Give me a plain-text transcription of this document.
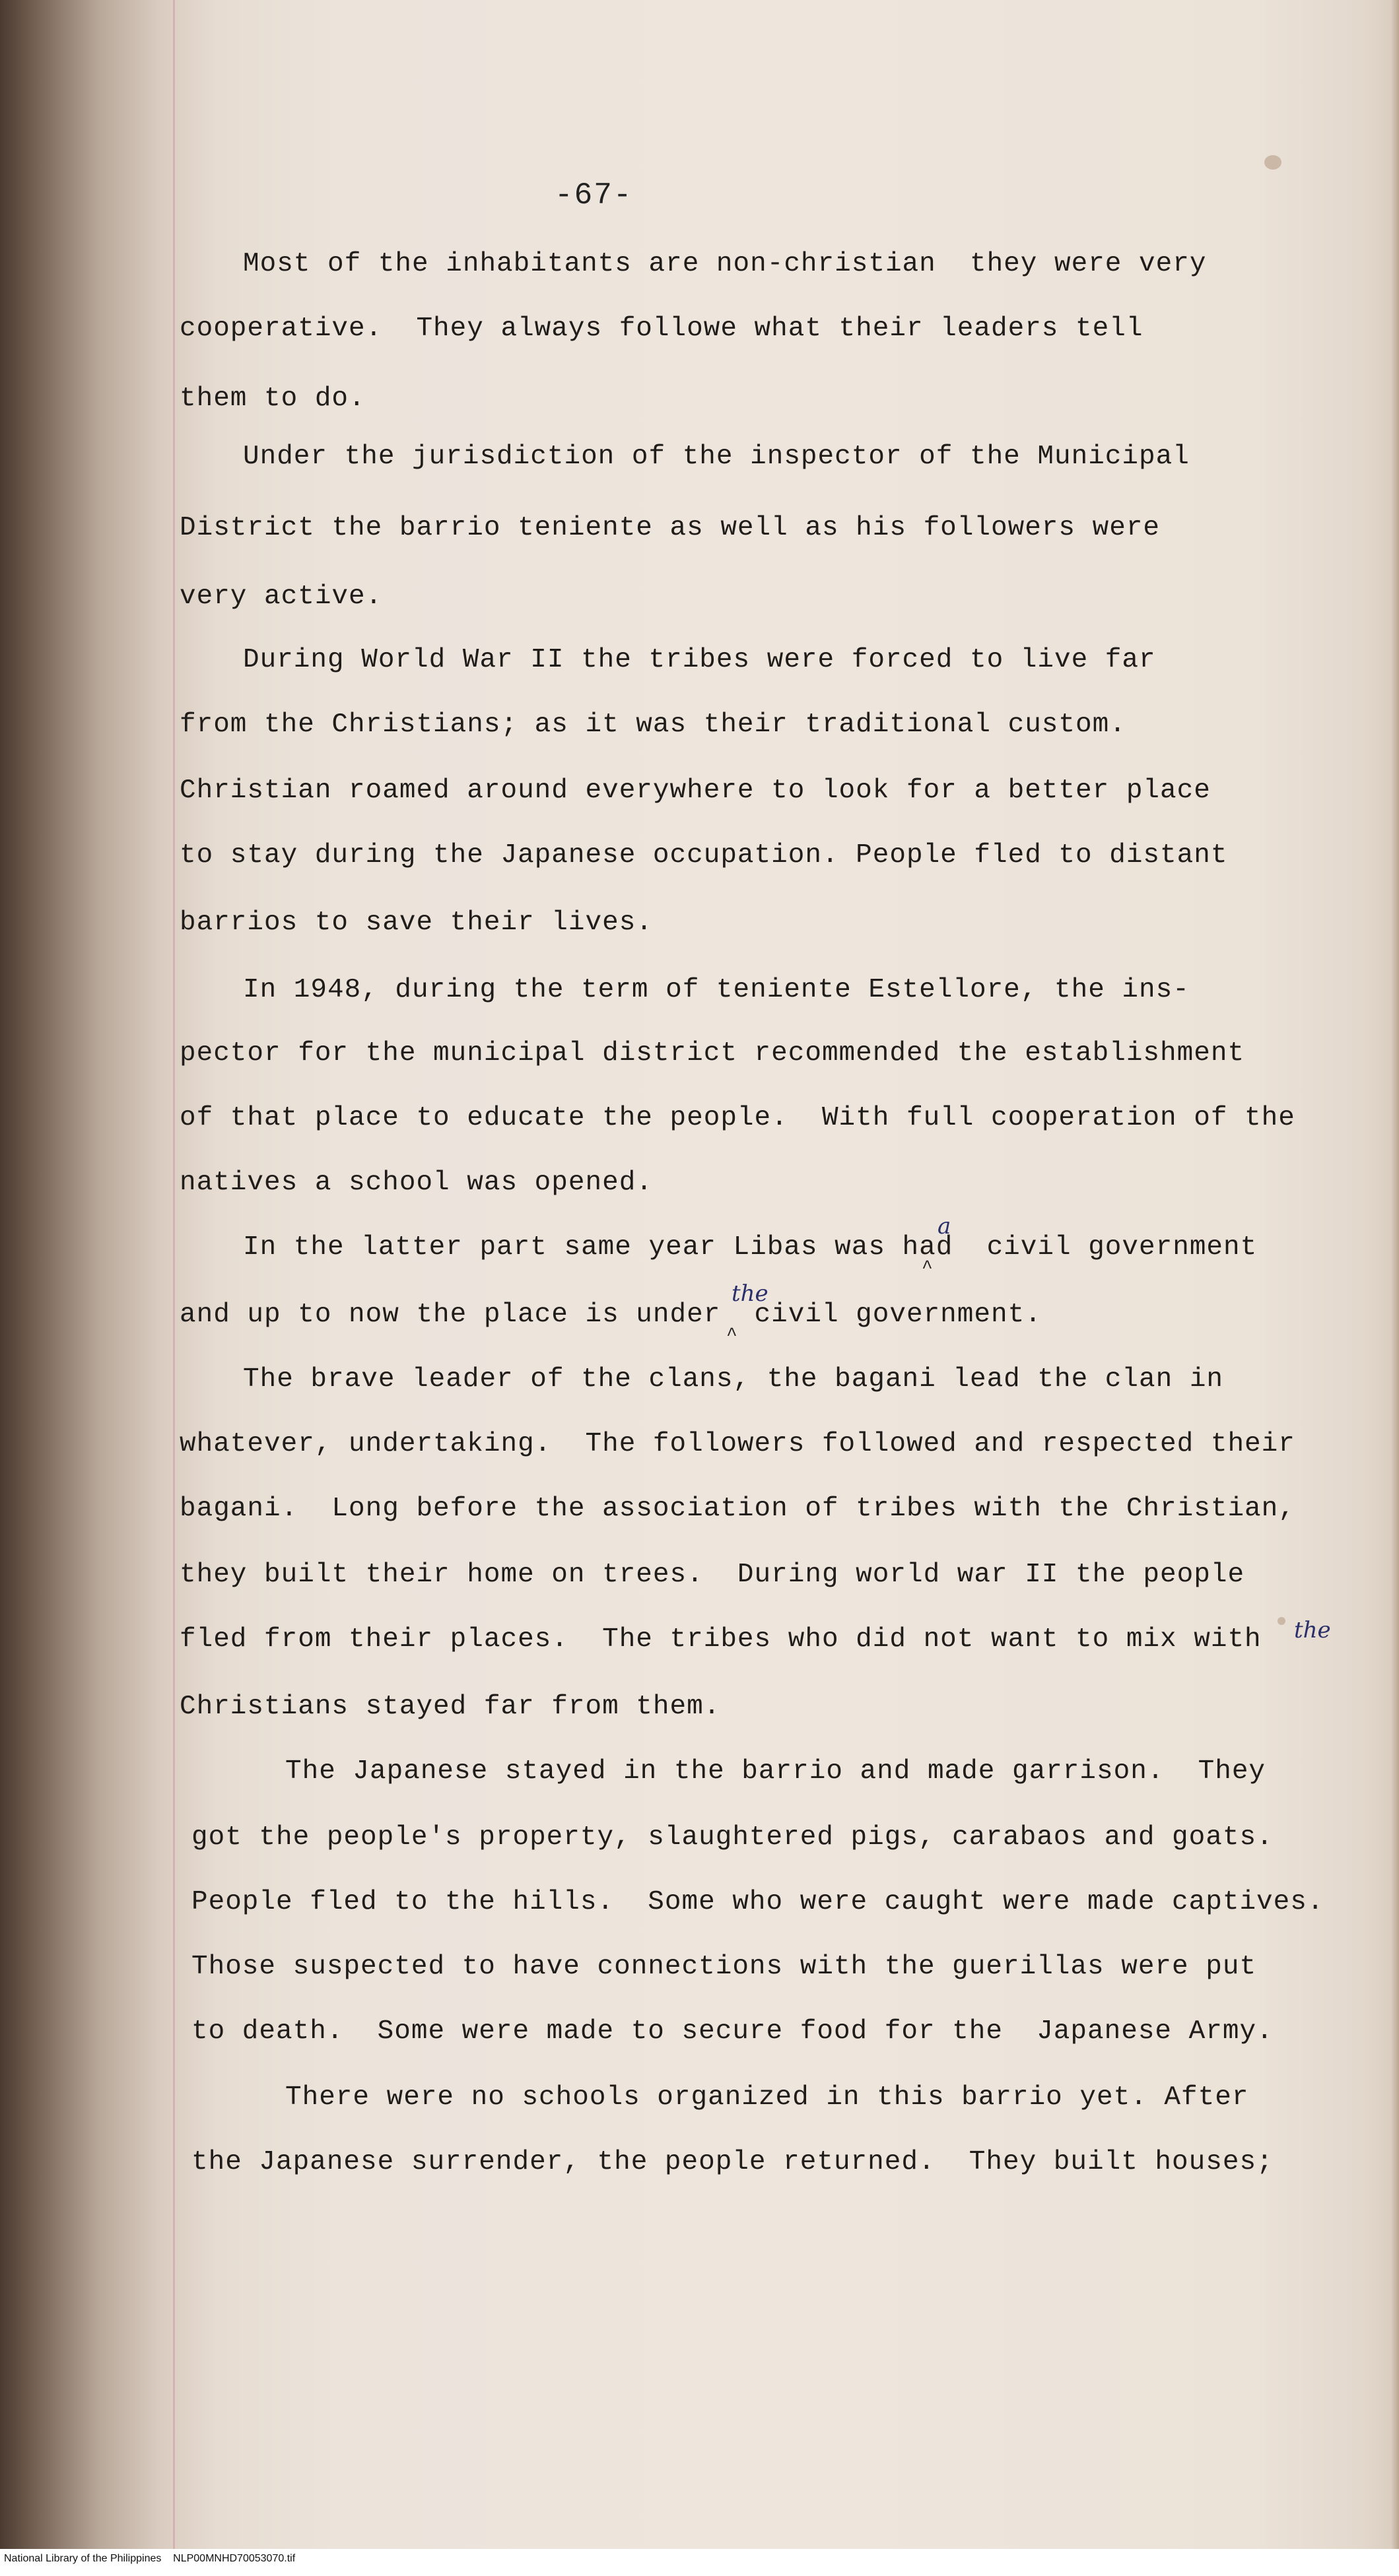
-67-
Most of the inhabitants are non-christian  they were very
cooperative.  They always followe what their leaders tell
them to do.
Under the jurisdiction of the inspector of the Municipal
District the barrio teniente as well as his followers were
very active.
During World War II the tribes were forced to live far
from the Christians; as it was their traditional custom.
Christian roamed around everywhere to look for a better place
to stay during the Japanese occupation. People fled to distant
barrios to save their lives.
In 1948, during the term of teniente Estellore, the ins-
pector for the municipal district recommended the establishment
of that place to educate the people.  With full cooperation of the
natives a school was opened.
In the latter part same year Libas was had  civil government
and up to now the place is under  civil government.
The brave leader of the clans, the bagani lead the clan in
whatever, undertaking.  The followers followed and respected their
bagani.  Long before the association of tribes with the Christian,
they built their home on trees.  During world war II the people
fled from their places.  The tribes who did not want to mix with
Christians stayed far from them.
The Japanese stayed in the barrio and made garrison.  They
got the people's property, slaughtered pigs, carabaos and goats.
People fled to the hills.  Some who were caught were made captives.
Those suspected to have connections with the guerillas were put
to death.  Some were made to secure food for the  Japanese Army.
There were no schools organized in this barrio yet. After
the Japanese surrender, the people returned.  They built houses;
a
^
the
^
the
National Library of the Philippines    NLP00MNHD70053070.tif
